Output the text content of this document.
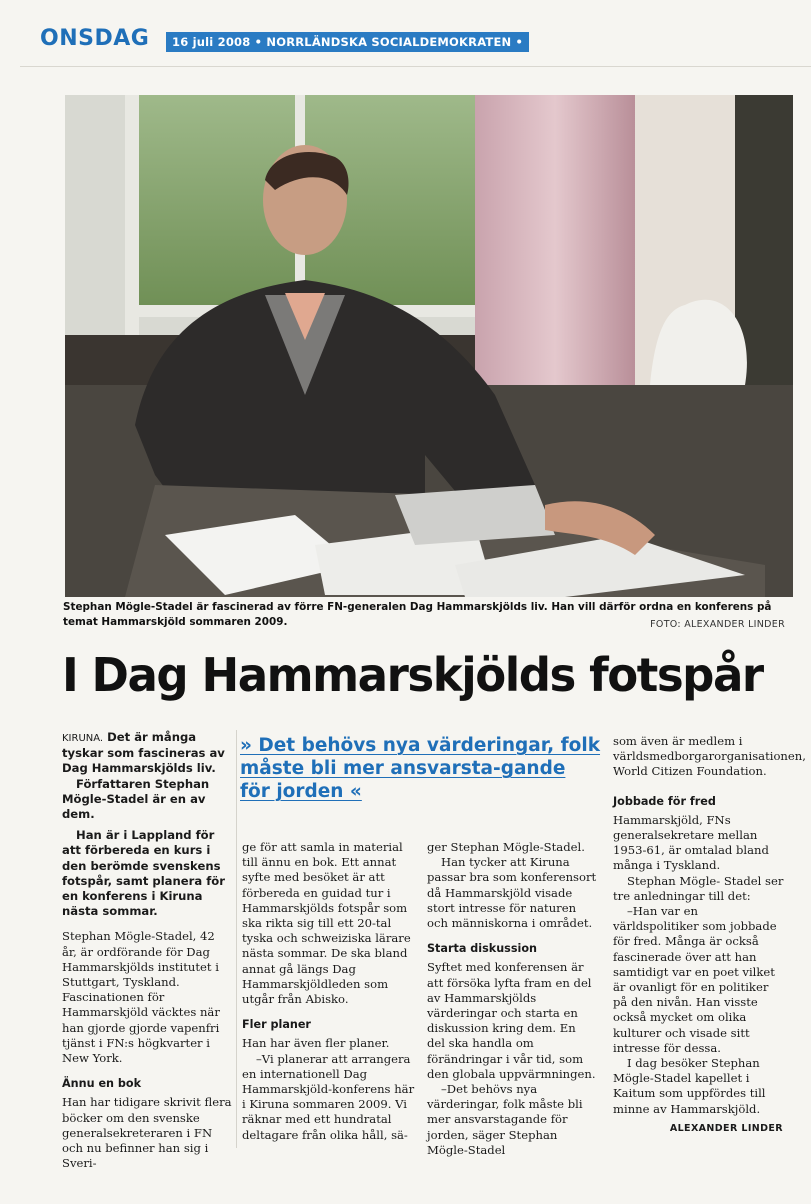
ONSDAG	16 juli 2008 • NORRLÄNDSKA SOCIALDEMOKRATEN •
Stephan Mögle-Stadel är fascinerad av förre FN-generalen Dag Hammarskjölds liv. Han vill därför ordna en konferens på temat Hammarskjöld sommaren 2009.	FOTO: ALEXANDER LINDER
I Dag Hammarskjölds fotspår

KIRUNA. Det är många tyskar som fascineras av Dag Hammarskjölds liv.

Författaren Stephan Mögle-Stadel är en av dem.

Han är i Lappland för att förbereda en kurs i den berömde svenskens fotspår, samt planera för en konferens i Kiruna nästa sommar.

Stephan Mögle-Stadel, 42 år, är ordförande för Dag Hammarskjölds institutet i Stuttgart, Tyskland. Fascinationen för Hammarskjöld väcktes när han gjorde gjorde vapenfri tjänst i FN:s högkvarter i New York.

Ännu en bok

Han har tidigare skrivit flera böcker om den svenske generalsekreteraren i FN och nu befinner han sig i Sveri-

» Det behövs nya värderingar, folk måste bli mer ansvarsta-gande för jorden «

ge för att samla in material till ännu en bok. Ett annat syfte med besöket är att förbereda en guidad tur i Hammarskjölds fotspår som ska rikta sig till ett 20-tal tyska och schweiziska lärare nästa sommar. De ska bland annat gå längs Dag Hammarskjöldleden som utgår från Abisko.

Fler planer

Han har även fler planer.

–Vi planerar att arrangera en internationell Dag Hammarskjöld-konferens här i Kiruna sommaren 2009. Vi räknar med ett hundratal deltagare från olika håll, sä-

ger Stephan Mögle-Stadel.

Han tycker att Kiruna passar bra som konferensort då Hammarskjöld visade stort intresse för naturen och människorna i området.

Starta diskussion

Syftet med konferensen är att försöka lyfta fram en del av Hammarskjölds värderingar och starta en diskussion kring dem. En del ska handla om förändringar i vår tid, som den globala uppvärmningen.

–Det behövs nya värderingar, folk måste bli mer ansvarstagande för jorden, säger Stephan Mögle-Stadel

som även är medlem i världsmedborgarorganisationen, World Citizen Foundation.

Jobbade för fred

Hammarskjöld, FNs generalsekretare mellan 1953-61, är omtalad bland många i Tyskland.

Stephan Mögle- Stadel ser tre anledningar till det:

–Han var en världspolitiker som jobbade för fred. Många är också fascinerade över att han samtidigt var en poet vilket är ovanligt för en politiker på den nivån. Han visste också mycket om olika kulturer och visade sitt intresse för dessa.

I dag besöker Stephan Mögle-Stadel kapellet i Kaitum som uppfördes till minne av Hammarskjöld.

ALEXANDER LINDER
